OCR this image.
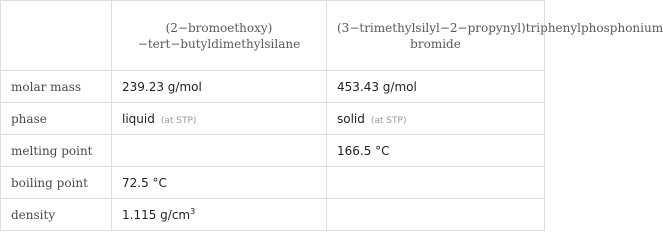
	(2−bromoethoxy)−tert−butyldimethylsilane	(3−trimethylsilyl−2−propynyl)triphenylphosphonium bromide
molar mass	239.23 g/mol	453.43 g/mol
phase	liquid (at STP)	solid (at STP)
melting point		166.5 °C
boiling point	72.5 °C	
density	1.115 $g/cm^3$	
